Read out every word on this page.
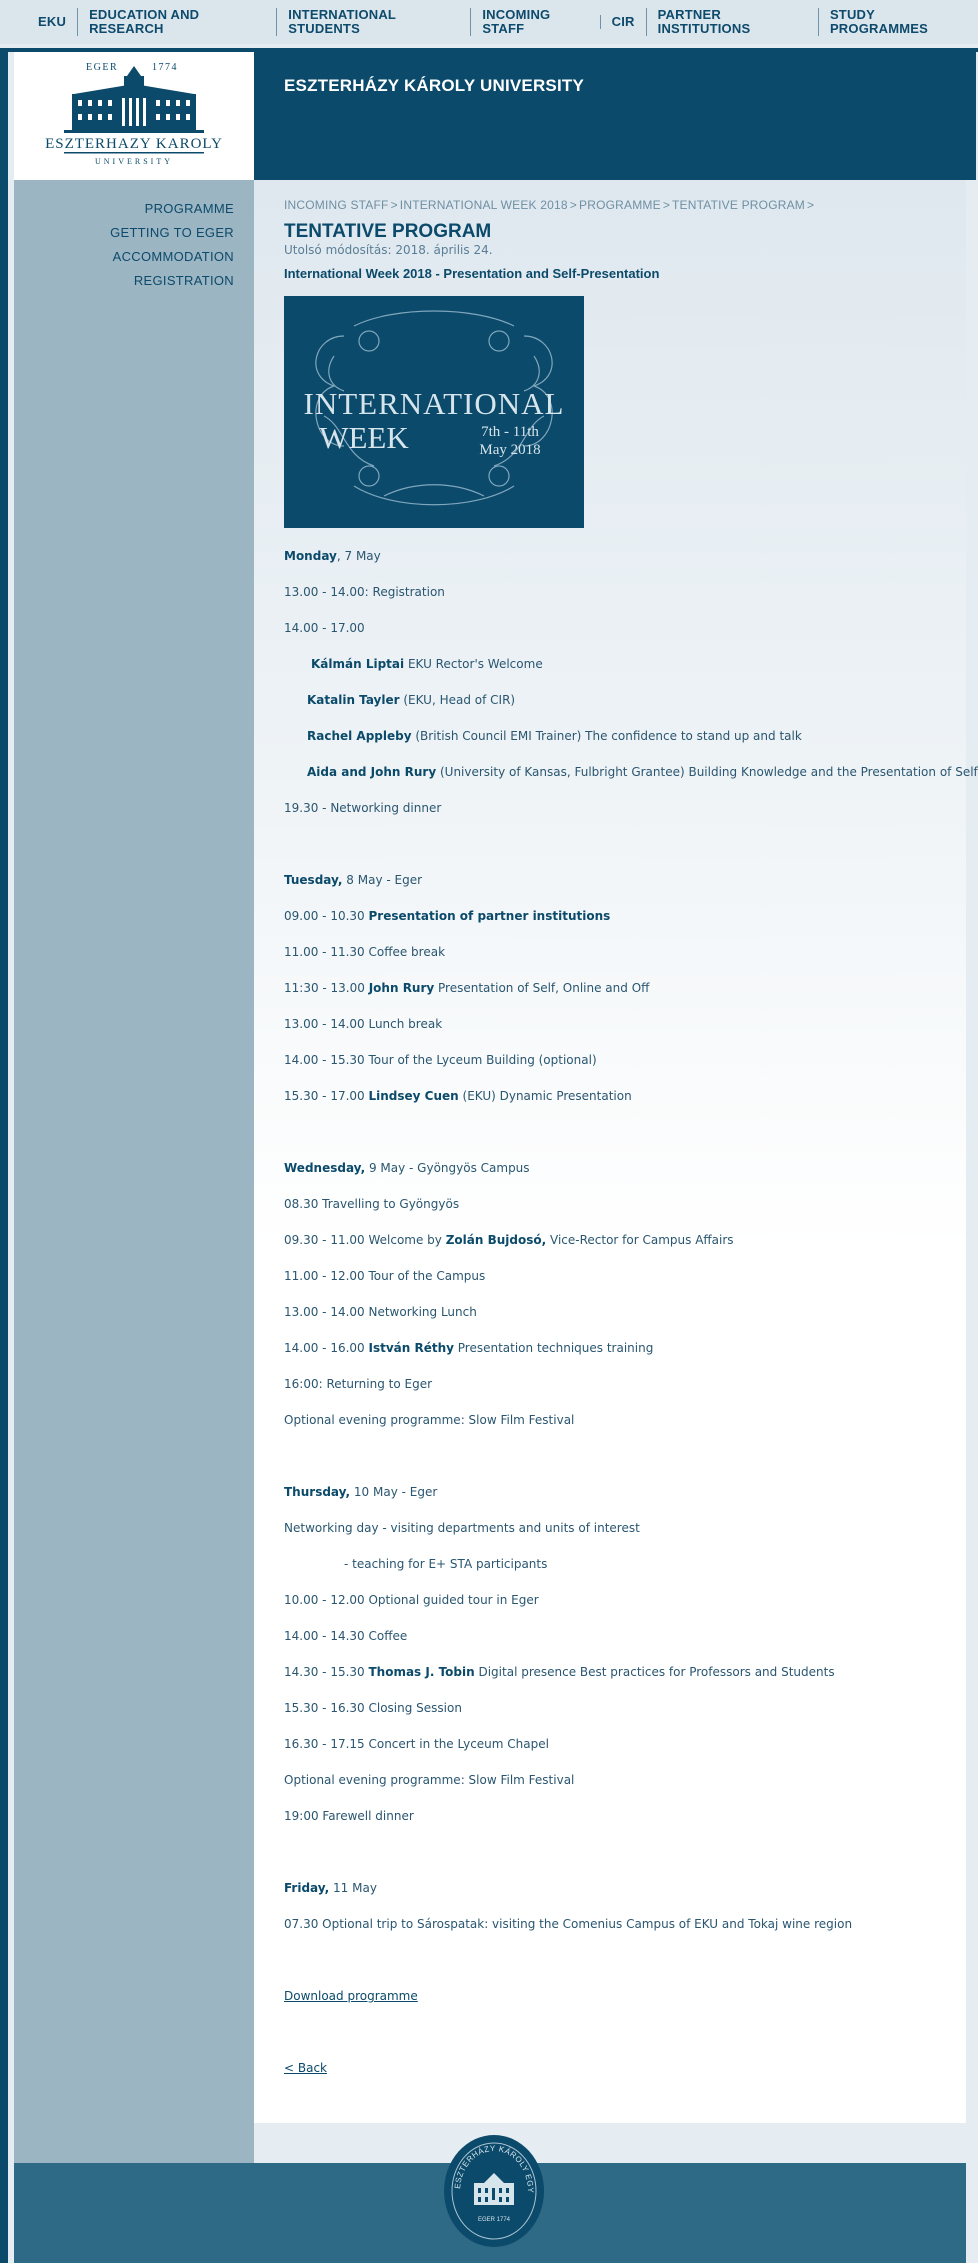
EKU	EDUCATION AND RESEARCH
INTERNATIONAL STUDENTS
INCOMING STAFF	CIR	PARTNER INSTITUTIONS
STUDY PROGRAMMES
EGER	1774
ESZTERHAZY KAROLY
UNIVERSITY
ESZTERHÁZY KÁROLY UNIVERSITY
PROGRAMME
GETTING TO EGER
ACCOMMODATION
REGISTRATION
INCOMING STAFF > INTERNATIONAL WEEK 2018 > PROGRAMME > TENTATIVE PROGRAM >
TENTATIVE PROGRAM
Utolsó módosítás: 2018. április 24.
International Week 2018 - Presentation and Self-Presentation
INTERNATIONAL
WEEK	7th - 11th
May 2018
Monday, 7 May
13.00 - 14.00: Registration
14.00 - 17.00
Kálmán Liptai EKU Rector's Welcome
Katalin Tayler (EKU, Head of CIR)
Rachel Appleby (British Council EMI Trainer) The confidence to stand up and talk
Aida and John Rury (University of Kansas, Fulbright Grantee) Building Knowledge and the Presentation of Self
19.30 - Networking dinner
Tuesday, 8 May - Eger
09.00 - 10.30 Presentation of partner institutions
11.00 - 11.30 Coffee break
11:30 - 13.00 John Rury Presentation of Self, Online and Off
13.00 - 14.00 Lunch break
14.00 - 15.30 Tour of the Lyceum Building (optional)
15.30 - 17.00 Lindsey Cuen (EKU) Dynamic Presentation
Wednesday, 9 May - Gyöngyös Campus
08.30 Travelling to Gyöngyös
09.30 - 11.00 Welcome by Zolán Bujdosó, Vice-Rector for Campus Affairs
11.00 - 12.00 Tour of the Campus
13.00 - 14.00 Networking Lunch
14.00 - 16.00 István Réthy Presentation techniques training
16:00: Returning to Eger
Optional evening programme: Slow Film Festival
Thursday, 10 May - Eger
Networking day - visiting departments and units of interest
- teaching for E+ STA participants
10.00 - 12.00 Optional guided tour in Eger
14.00 - 14.30 Coffee
14.30 - 15.30 Thomas J. Tobin Digital presence Best practices for Professors and Students
15.30 - 16.30 Closing Session
16.30 - 17.15 Concert in the Lyceum Chapel
Optional evening programme: Slow Film Festival
19:00 Farewell dinner
Friday, 11 May
07.30 Optional trip to Sárospatak: visiting the Comenius Campus of EKU and Tokaj wine region
Download programme
< Back
ESZTERHÁZY KÁROLY EGY
EGER 1774
